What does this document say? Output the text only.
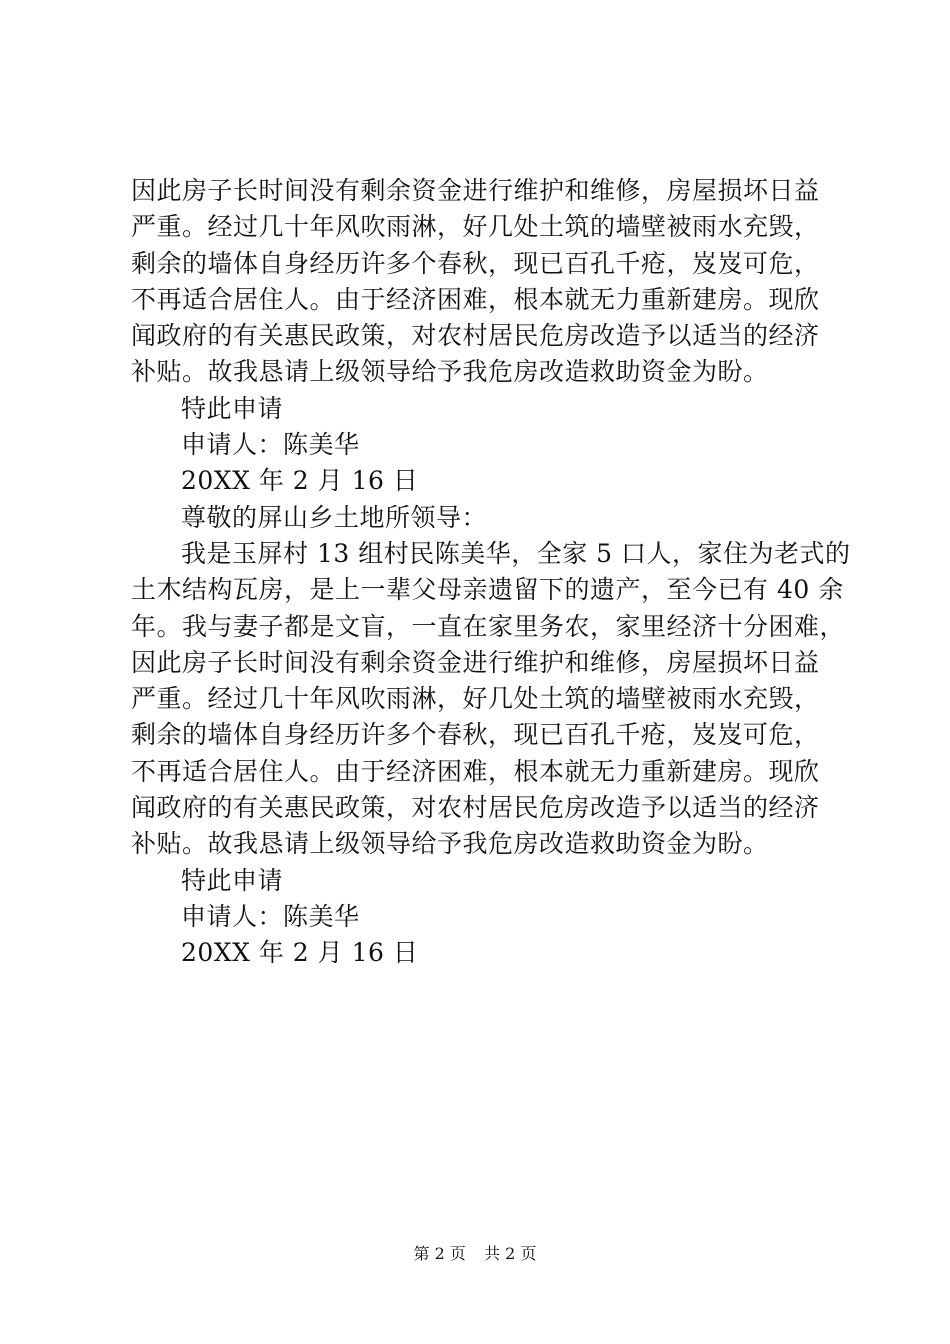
因此房子长时间没有剩余资金进行维护和维修，房屋损坏日益
严重。经过几十年风吹雨淋，好几处土筑的墙壁被雨水充毁，
剩余的墙体自身经历许多个春秋，现已百孔千疮，岌岌可危，
不再适合居住人。由于经济困难，根本就无力重新建房。现欣
闻政府的有关惠民政策，对农村居民危房改造予以适当的经济
补贴。故我恳请上级领导给予我危房改造救助资金为盼。
特此申请
申请人：陈美华
20XX 年 2 月 16 日
尊敬的屏山乡土地所领导：
我是玉屏村 13 组村民陈美华，全家 5 口人，家住为老式的
土木结构瓦房，是上一辈父母亲遗留下的遗产，至今已有 40 余
年。我与妻子都是文盲，一直在家里务农，家里经济十分困难，
因此房子长时间没有剩余资金进行维护和维修，房屋损坏日益
严重。经过几十年风吹雨淋，好几处土筑的墙壁被雨水充毁，
剩余的墙体自身经历许多个春秋，现已百孔千疮，岌岌可危，
不再适合居住人。由于经济困难，根本就无力重新建房。现欣
闻政府的有关惠民政策，对农村居民危房改造予以适当的经济
补贴。故我恳请上级领导给予我危房改造救助资金为盼。
特此申请
申请人：陈美华
20XX 年 2 月 16 日
第 2 页 共 2 页
